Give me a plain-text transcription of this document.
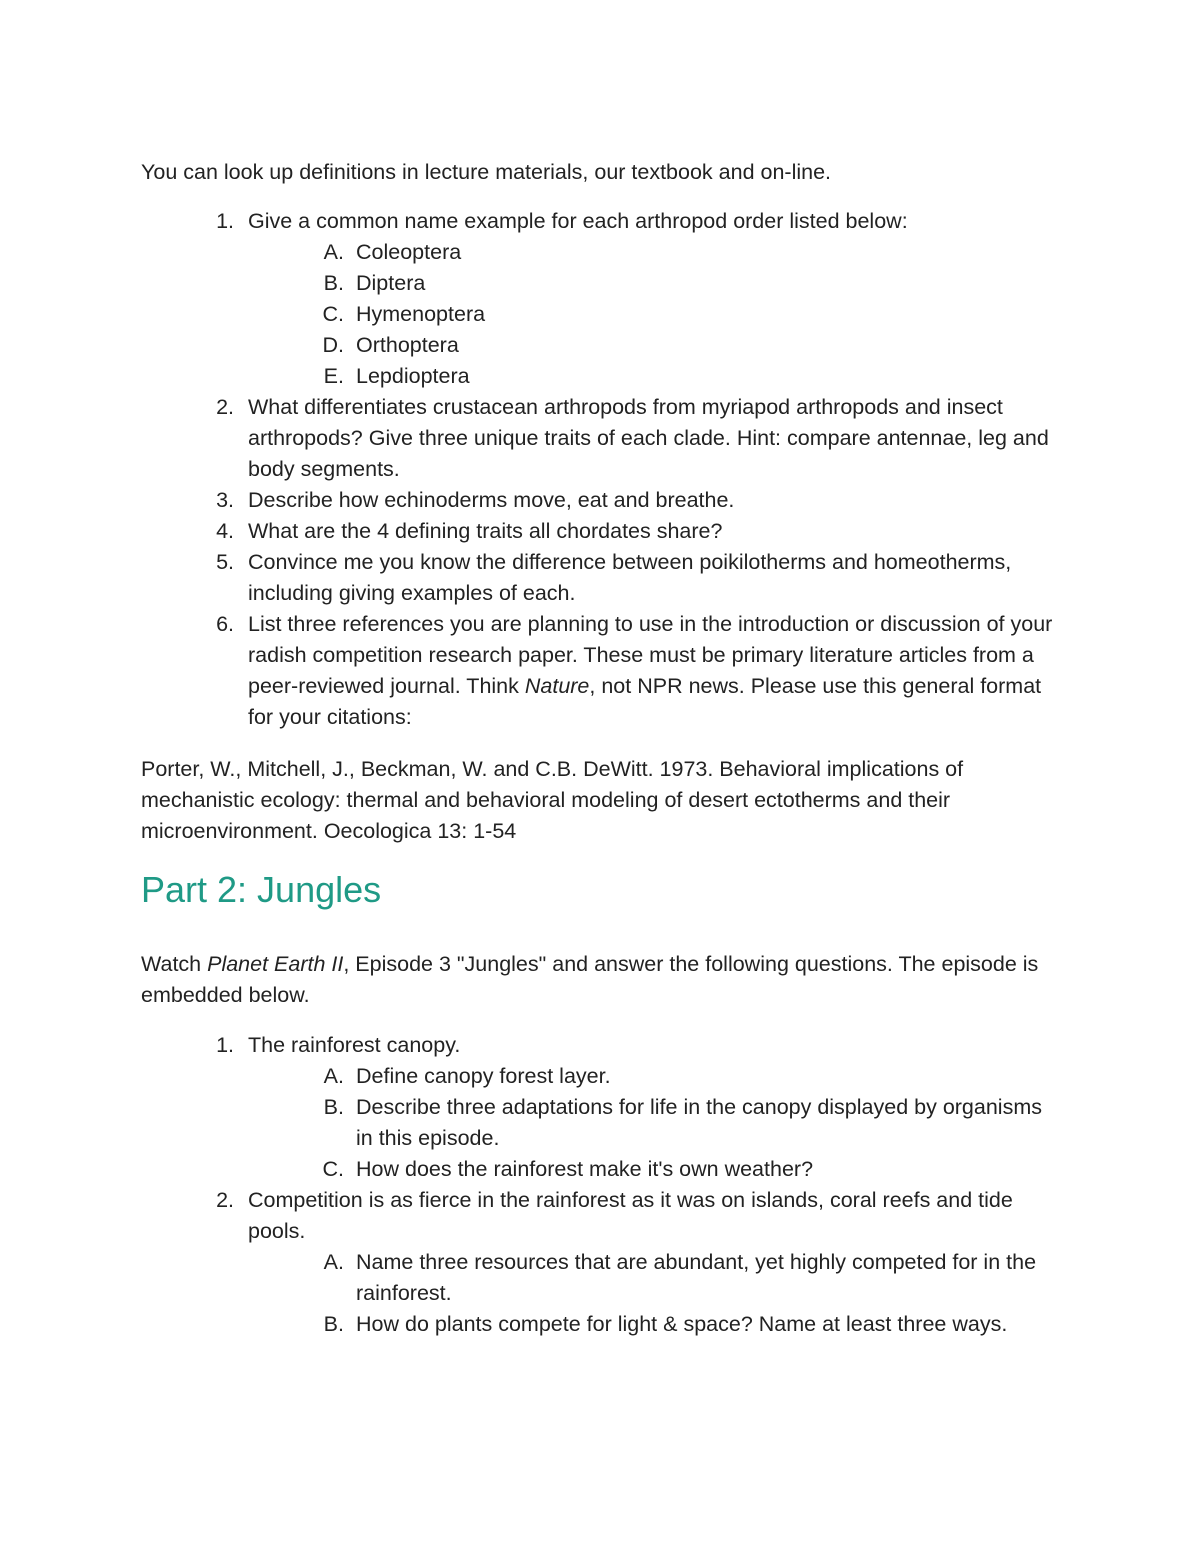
You can look up definitions in lecture materials, our textbook and on-line.
1. Give a common name example for each arthropod order listed below:
A. Coleoptera
B. Diptera
C. Hymenoptera
D. Orthoptera
E. Lepdioptera
2. What differentiates crustacean arthropods from myriapod arthropods and insect arthropods? Give three unique traits of each clade. Hint: compare antennae, leg and body segments.
3. Describe how echinoderms move, eat and breathe.
4. What are the 4 defining traits all chordates share?
5. Convince me you know the difference between poikilotherms and homeotherms, including giving examples of each.
6. List three references you are planning to use in the introduction or discussion of your radish competition research paper. These must be primary literature articles from a peer-reviewed journal. Think Nature, not NPR news. Please use this general format for your citations:
Porter, W., Mitchell, J., Beckman, W. and C.B. DeWitt. 1973. Behavioral implications of mechanistic ecology: thermal and behavioral modeling of desert ectotherms and their microenvironment. Oecologica 13: 1-54
Part 2: Jungles
Watch Planet Earth II, Episode 3 "Jungles" and answer the following questions. The episode is embedded below.
1. The rainforest canopy.
A. Define canopy forest layer.
B. Describe three adaptations for life in the canopy displayed by organisms in this episode.
C. How does the rainforest make it's own weather?
2. Competition is as fierce in the rainforest as it was on islands, coral reefs and tide pools.
A. Name three resources that are abundant, yet highly competed for in the rainforest.
B. How do plants compete for light & space? Name at least three ways.
